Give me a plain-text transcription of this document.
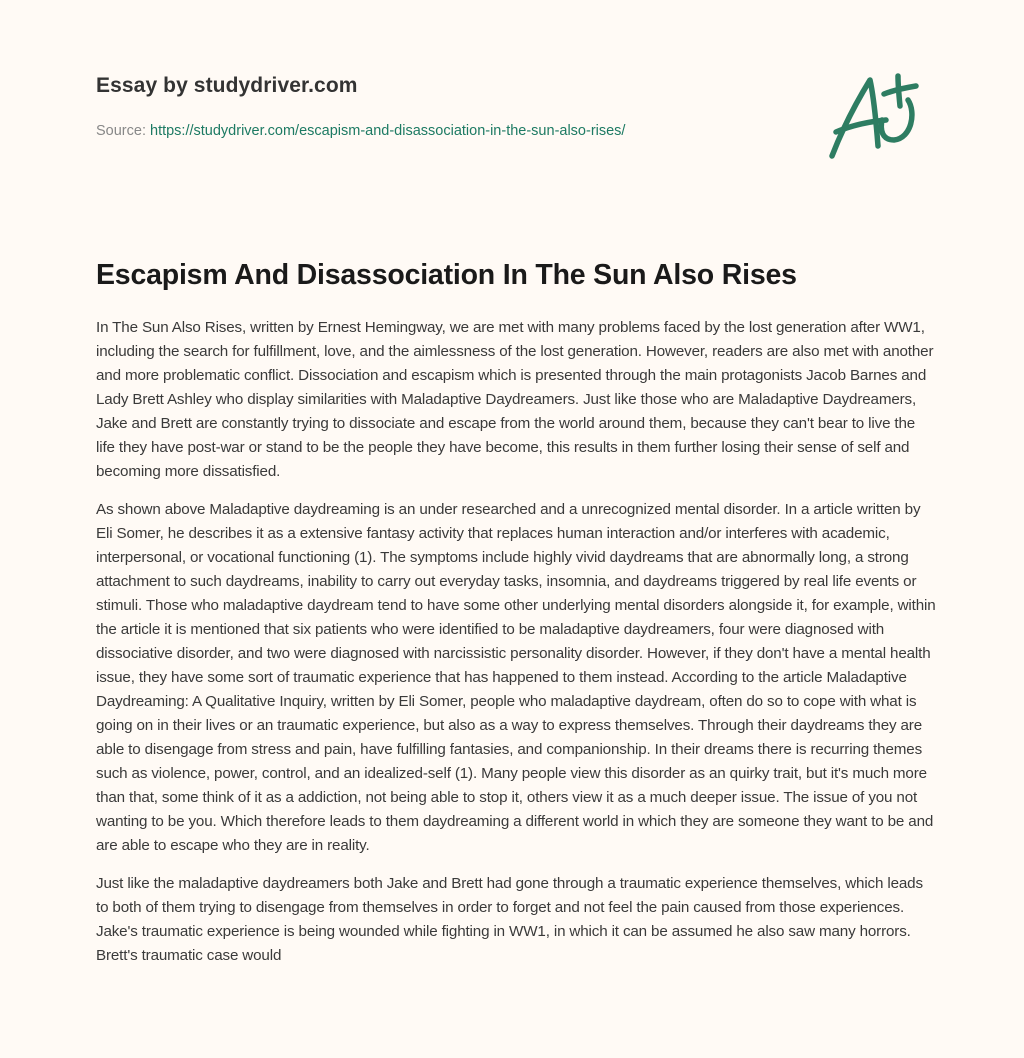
Essay by studydriver.com
Source: https://studydriver.com/escapism-and-disassociation-in-the-sun-also-rises/
Escapism And Disassociation In The Sun Also Rises

In The Sun Also Rises, written by Ernest Hemingway, we are met with many problems faced by the lost generation after WW1, including the search for fulfillment, love, and the aimlessness of the lost generation. However, readers are also met with another and more problematic conflict. Dissociation and escapism which is presented through the main protagonists Jacob Barnes and Lady Brett Ashley who display similarities with Maladaptive Daydreamers. Just like those who are Maladaptive Daydreamers, Jake and Brett are constantly trying to dissociate and escape from the world around them, because they can't bear to live the life they have post-war or stand to be the people they have become, this results in them further losing their sense of self and becoming more dissatisfied.

As shown above Maladaptive daydreaming is an under researched and a unrecognized mental disorder. In a article written by Eli Somer, he describes it as a extensive fantasy activity that replaces human interaction and/or interferes with academic, interpersonal, or vocational functioning (1). The symptoms include highly vivid daydreams that are abnormally long, a strong attachment to such daydreams, inability to carry out everyday tasks, insomnia, and daydreams triggered by real life events or stimuli. Those who maladaptive daydream tend to have some other underlying mental disorders alongside it, for example, within the article it is mentioned that six patients who were identified to be maladaptive daydreamers, four were diagnosed with dissociative disorder, and two were diagnosed with narcissistic personality disorder. However, if they don't have a mental health issue, they have some sort of traumatic experience that has happened to them instead. According to the article Maladaptive Daydreaming: A Qualitative Inquiry, written by Eli Somer, people who maladaptive daydream, often do so to cope with what is going on in their lives or an traumatic experience, but also as a way to express themselves. Through their daydreams they are able to disengage from stress and pain, have fulfilling fantasies, and companionship. In their dreams there is recurring themes such as violence, power, control, and an idealized-self (1). Many people view this disorder as an quirky trait, but it's much more than that, some think of it as a addiction, not being able to stop it, others view it as a much deeper issue. The issue of you not wanting to be you. Which therefore leads to them daydreaming a different world in which they are someone they want to be and are able to escape who they are in reality.

Just like the maladaptive daydreamers both Jake and Brett had gone through a traumatic experience themselves, which leads to both of them trying to disengage from themselves in order to forget and not feel the pain caused from those experiences. Jake's traumatic experience is being wounded while fighting in WW1, in which it can be assumed he also saw many horrors. Brett's traumatic case would
